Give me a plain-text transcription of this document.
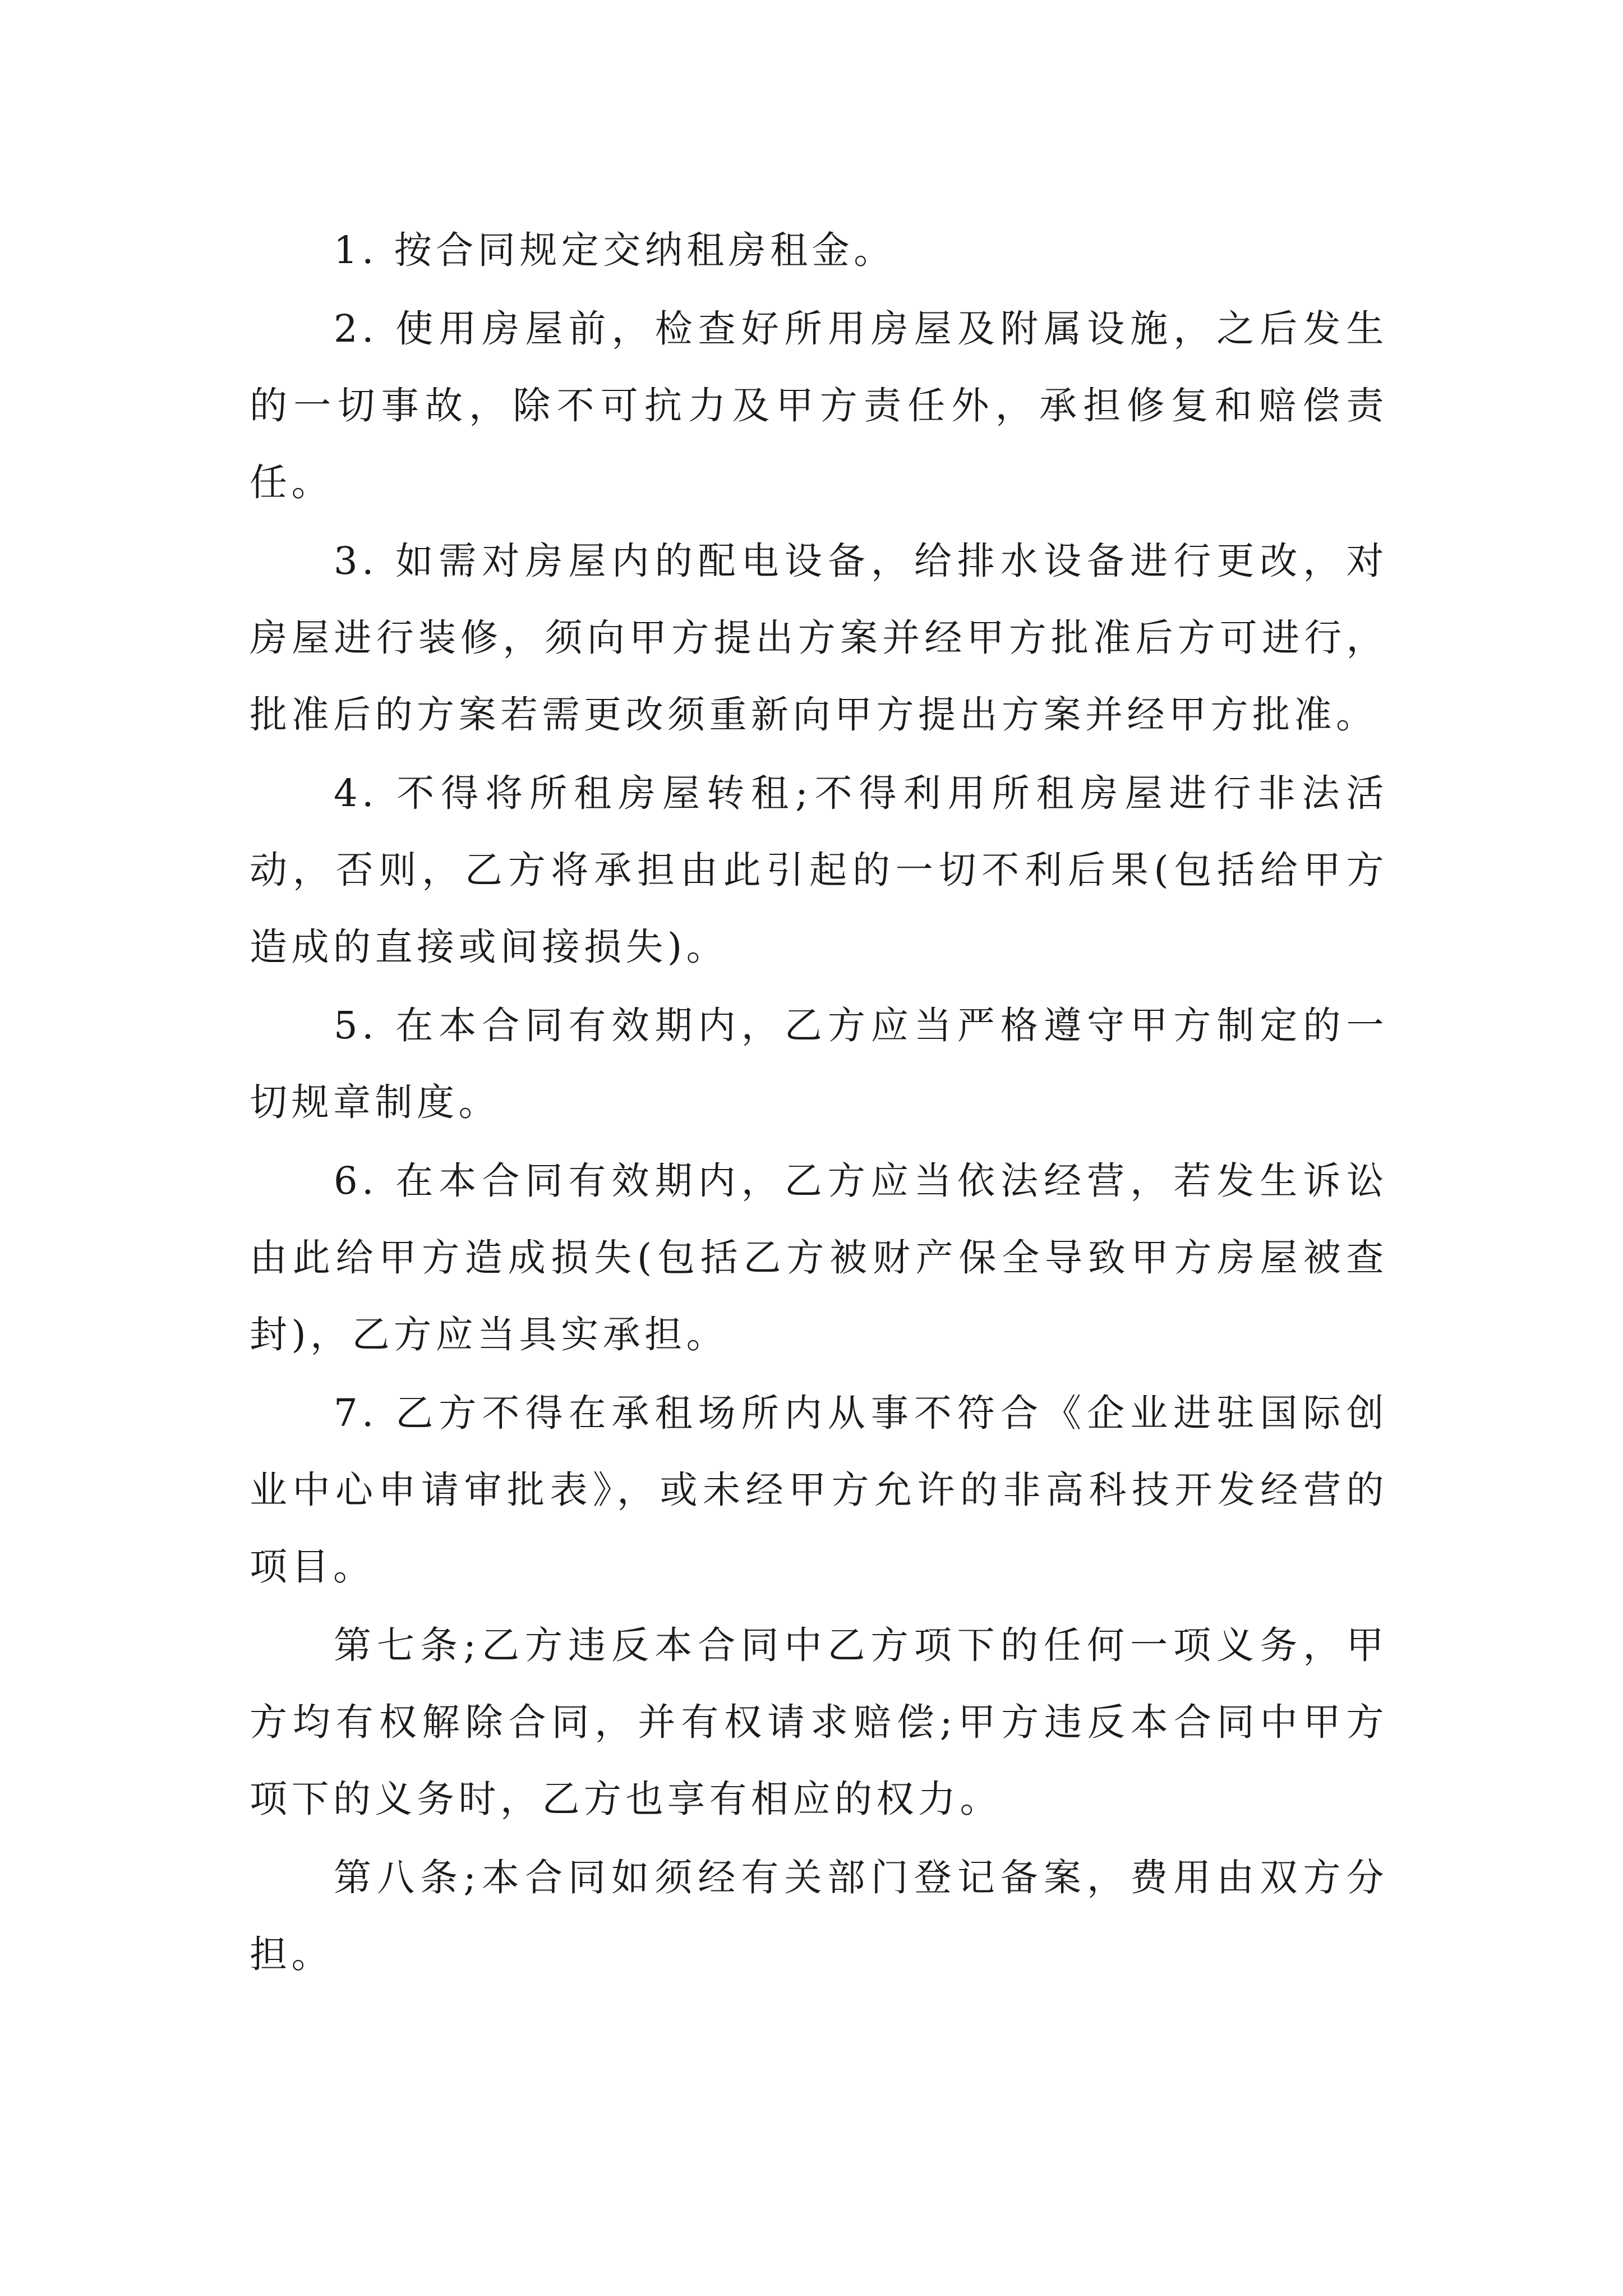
1. 按合同规定交纳租房租金。

2. 使用房屋前，检查好所用房屋及附属设施，之后发生的一切事故，除不可抗力及甲方责任外，承担修复和赔偿责任。

3. 如需对房屋内的配电设备，给排水设备进行更改，对房屋进行装修，须向甲方提出方案并经甲方批准后方可进行，批准后的方案若需更改须重新向甲方提出方案并经甲方批准。

4. 不得将所租房屋转租;不得利用所租房屋进行非法活动，否则，乙方将承担由此引起的一切不利后果(包括给甲方造成的直接或间接损失)。

5. 在本合同有效期内，乙方应当严格遵守甲方制定的一切规章制度。

6. 在本合同有效期内，乙方应当依法经营，若发生诉讼由此给甲方造成损失(包括乙方被财产保全导致甲方房屋被查封)，乙方应当具实承担。

7. 乙方不得在承租场所内从事不符合《企业进驻国际创业中心申请审批表》，或未经甲方允许的非高科技开发经营的项目。

第七条;乙方违反本合同中乙方项下的任何一项义务，甲方均有权解除合同，并有权请求赔偿;甲方违反本合同中甲方项下的义务时，乙方也享有相应的权力。

第八条;本合同如须经有关部门登记备案，费用由双方分担。
